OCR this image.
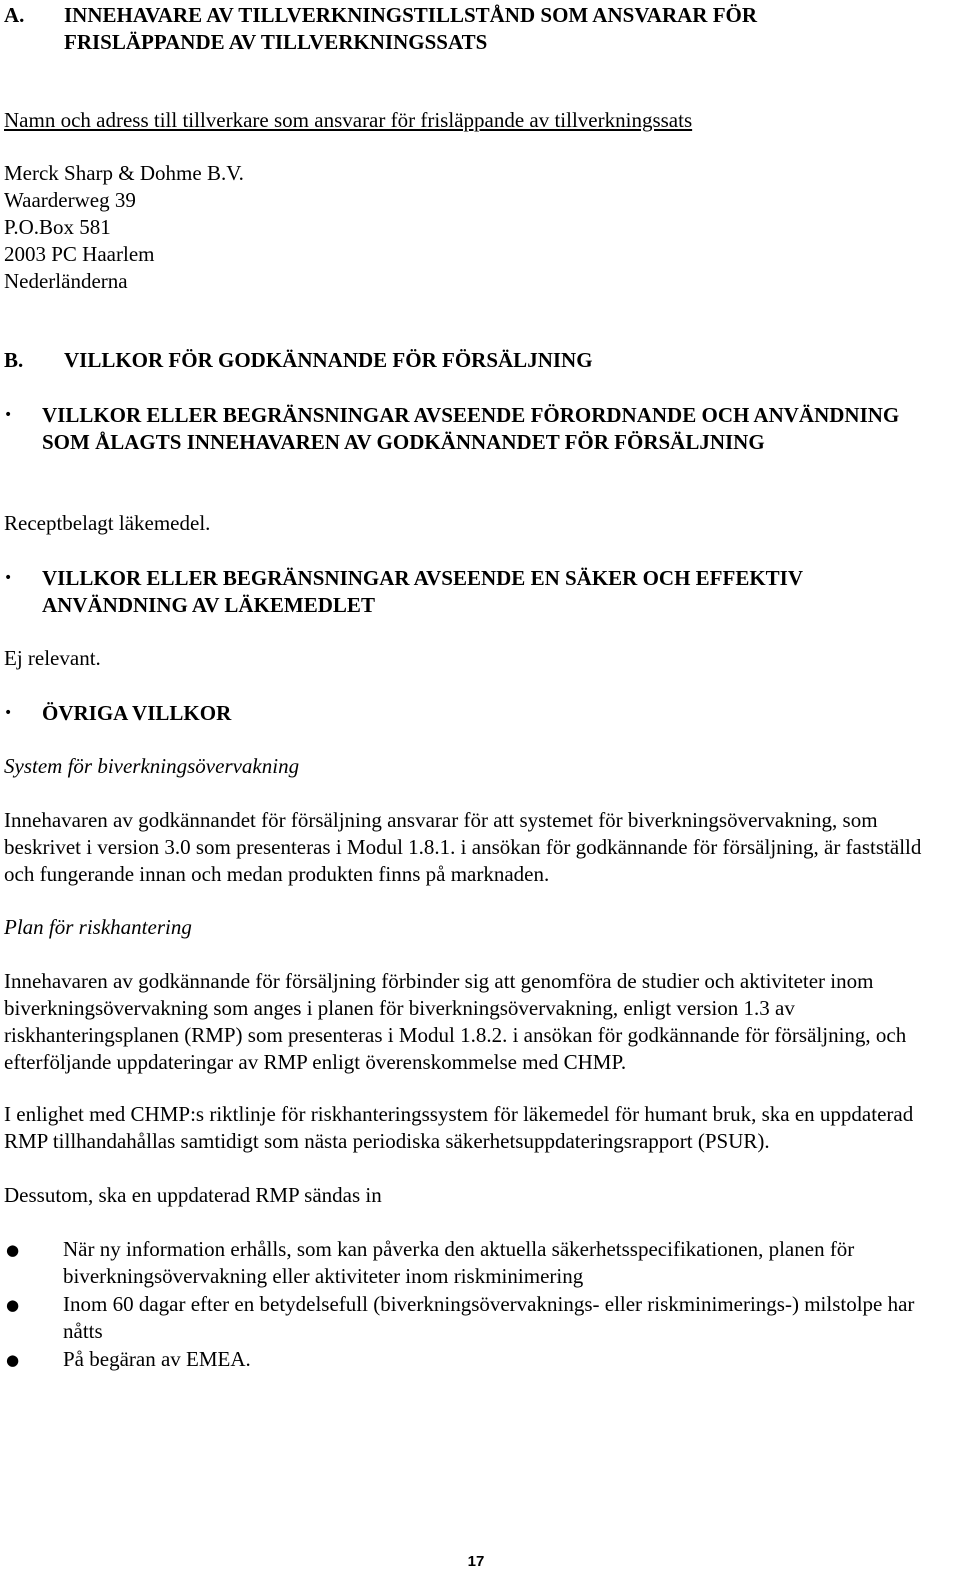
A. INNEHAVARE AV TILLVERKNINGSTILLSTÅND SOM ANSVARAR FÖR FRISLÄPPANDE AV TILLVERKNINGSSATS

Namn och adress till tillverkare som ansvarar för frisläppande av tillverkningssats

Merck Sharp & Dohme B.V.

Waarderweg 39

P.O.Box 581

2003 PC Haarlem

Nederländerna

B. VILLKOR FÖR GODKÄNNANDE FÖR FÖRSÄLJNING
• VILLKOR ELLER BEGRÄNSNINGAR AVSEENDE FÖRORDNANDE OCH ANVÄNDNING SOM ÅLAGTS INNEHAVAREN AV GODKÄNNANDET FÖR FÖRSÄLJNING

Receptbelagt läkemedel.

• VILLKOR ELLER BEGRÄNSNINGAR AVSEENDE EN SÄKER OCH EFFEKTIV ANVÄNDNING AV LÄKEMEDLET

Ej relevant.

• ÖVRIGA VILLKOR

System för biverkningsövervakning

Innehavaren av godkännandet för försäljning ansvarar för att systemet för biverkningsövervakning, som beskrivet i version 3.0 som presenteras i Modul 1.8.1. i ansökan för godkännande för försäljning, är fastställd och fungerande innan och medan produkten finns på marknaden.

Plan för riskhantering

Innehavaren av godkännande för försäljning förbinder sig att genomföra de studier och aktiviteter inom biverkningsövervakning som anges i planen för biverkningsövervakning, enligt version 1.3 av riskhanteringsplanen (RMP) som presenteras i Modul 1.8.2. i ansökan för godkännande för försäljning, och efterföljande uppdateringar av RMP enligt överenskommelse med CHMP.

I enlighet med CHMP:s riktlinje för riskhanteringssystem för läkemedel för humant bruk, ska en uppdaterad RMP tillhandahållas samtidigt som nästa periodiska säkerhetsuppdateringsrapport (PSUR).

Dessutom, ska en uppdaterad RMP sändas in

● När ny information erhålls, som kan påverka den aktuella säkerhetsspecifikationen, planen för biverkningsövervakning eller aktiviteter inom riskminimering
● Inom 60 dagar efter en betydelsefull (biverkningsövervaknings- eller riskminimerings-) milstolpe har nåtts
● På begäran av EMEA.
17
